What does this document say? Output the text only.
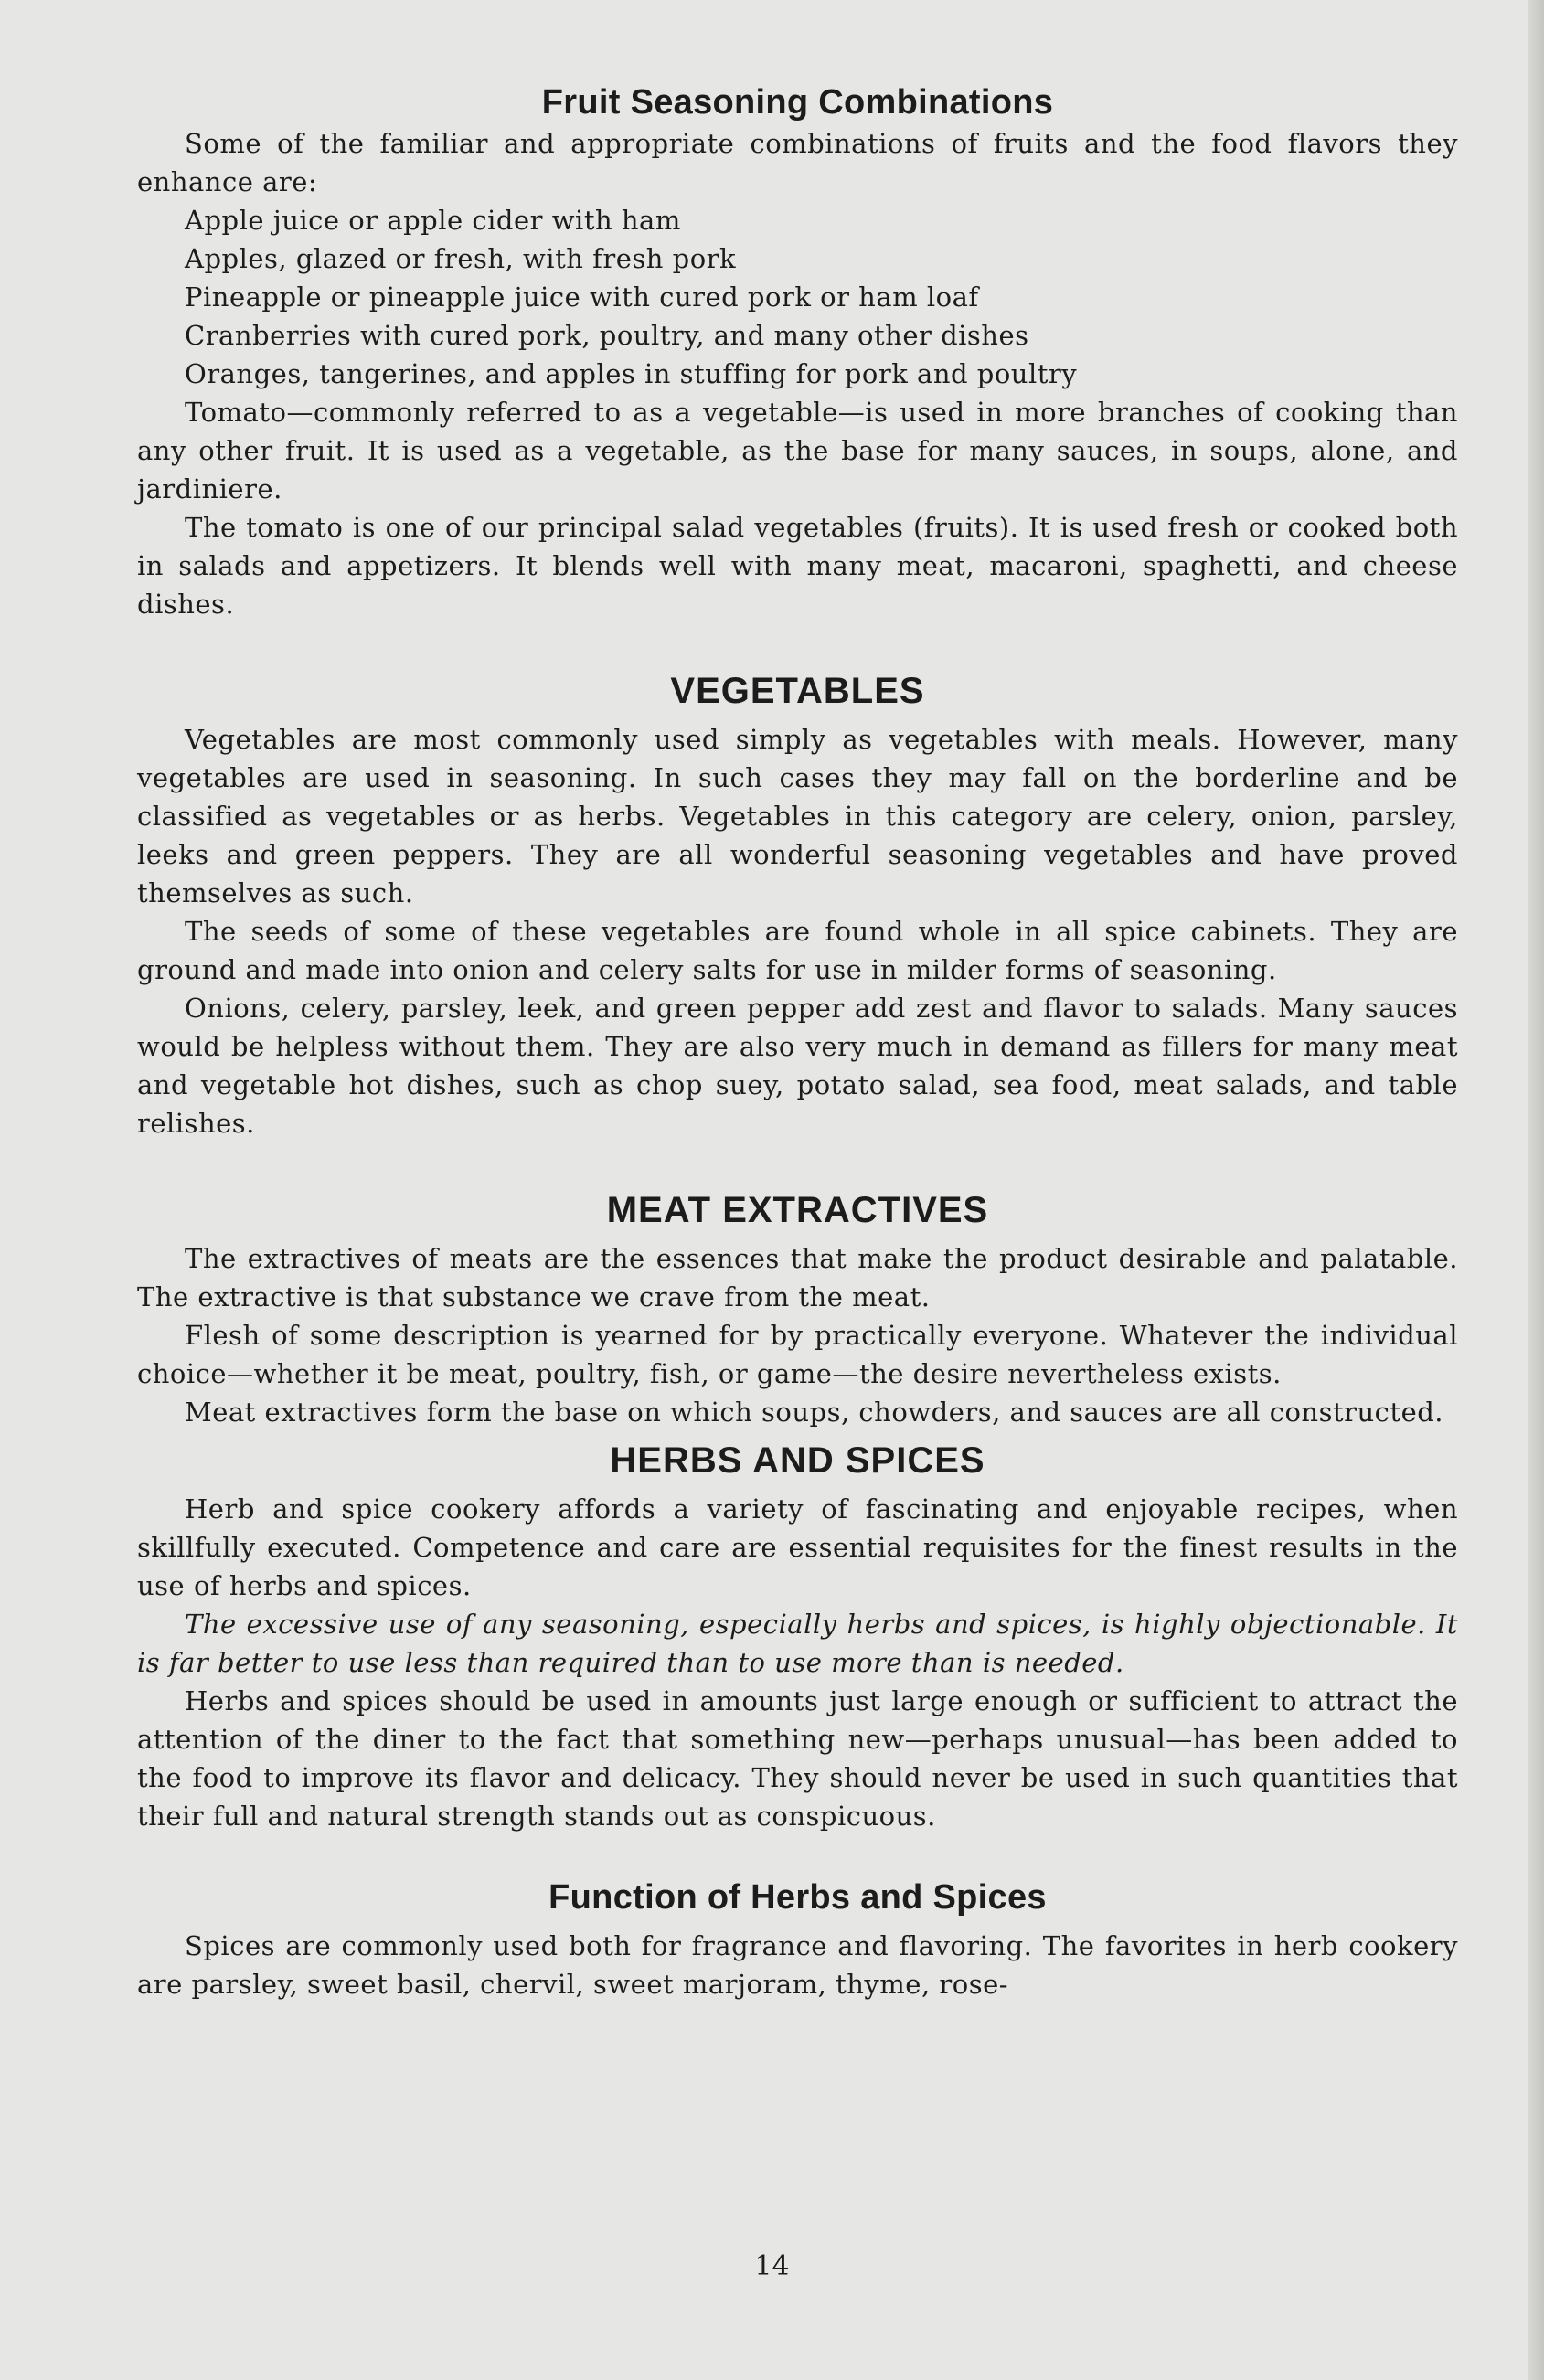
Fruit Seasoning Combinations

Some of the familiar and appropriate combinations of fruits and the food flavors they enhance are:

Apple juice or apple cider with ham
Apples, glazed or fresh, with fresh pork
Pineapple or pineapple juice with cured pork or ham loaf
Cranberries with cured pork, poultry, and many other dishes
Oranges, tangerines, and apples in stuffing for pork and poultry

Tomato—commonly referred to as a vegetable—is used in more branches of cooking than any other fruit. It is used as a vegetable, as the base for many sauces, in soups, alone, and jardiniere.

The tomato is one of our principal salad vegetables (fruits). It is used fresh or cooked both in salads and appetizers. It blends well with many meat, macaroni, spaghetti, and cheese dishes.

VEGETABLES

Vegetables are most commonly used simply as vegetables with meals. However, many vegetables are used in seasoning. In such cases they may fall on the borderline and be classified as vegetables or as herbs. Vegetables in this category are celery, onion, parsley, leeks and green peppers. They are all wonderful seasoning vegetables and have proved themselves as such.

The seeds of some of these vegetables are found whole in all spice cabinets. They are ground and made into onion and celery salts for use in milder forms of seasoning.

Onions, celery, parsley, leek, and green pepper add zest and flavor to salads. Many sauces would be helpless without them. They are also very much in demand as fillers for many meat and vegetable hot dishes, such as chop suey, potato salad, sea food, meat salads, and table relishes.

MEAT EXTRACTIVES

The extractives of meats are the essences that make the product desirable and palatable. The extractive is that substance we crave from the meat.

Flesh of some description is yearned for by practically everyone. Whatever the individual choice—whether it be meat, poultry, fish, or game—the desire nevertheless exists.

Meat extractives form the base on which soups, chowders, and sauces are all constructed.

HERBS AND SPICES

Herb and spice cookery affords a variety of fascinating and enjoyable recipes, when skillfully executed. Competence and care are essential requisites for the finest results in the use of herbs and spices.

The excessive use of any seasoning, especially herbs and spices, is highly objectionable. It is far better to use less than required than to use more than is needed.

Herbs and spices should be used in amounts just large enough or sufficient to attract the attention of the diner to the fact that something new—perhaps unusual—has been added to the food to improve its flavor and delicacy. They should never be used in such quantities that their full and natural strength stands out as conspicuous.

Function of Herbs and Spices

Spices are commonly used both for fragrance and flavoring. The favorites in herb cookery are parsley, sweet basil, chervil, sweet marjoram, thyme, rose-

14
